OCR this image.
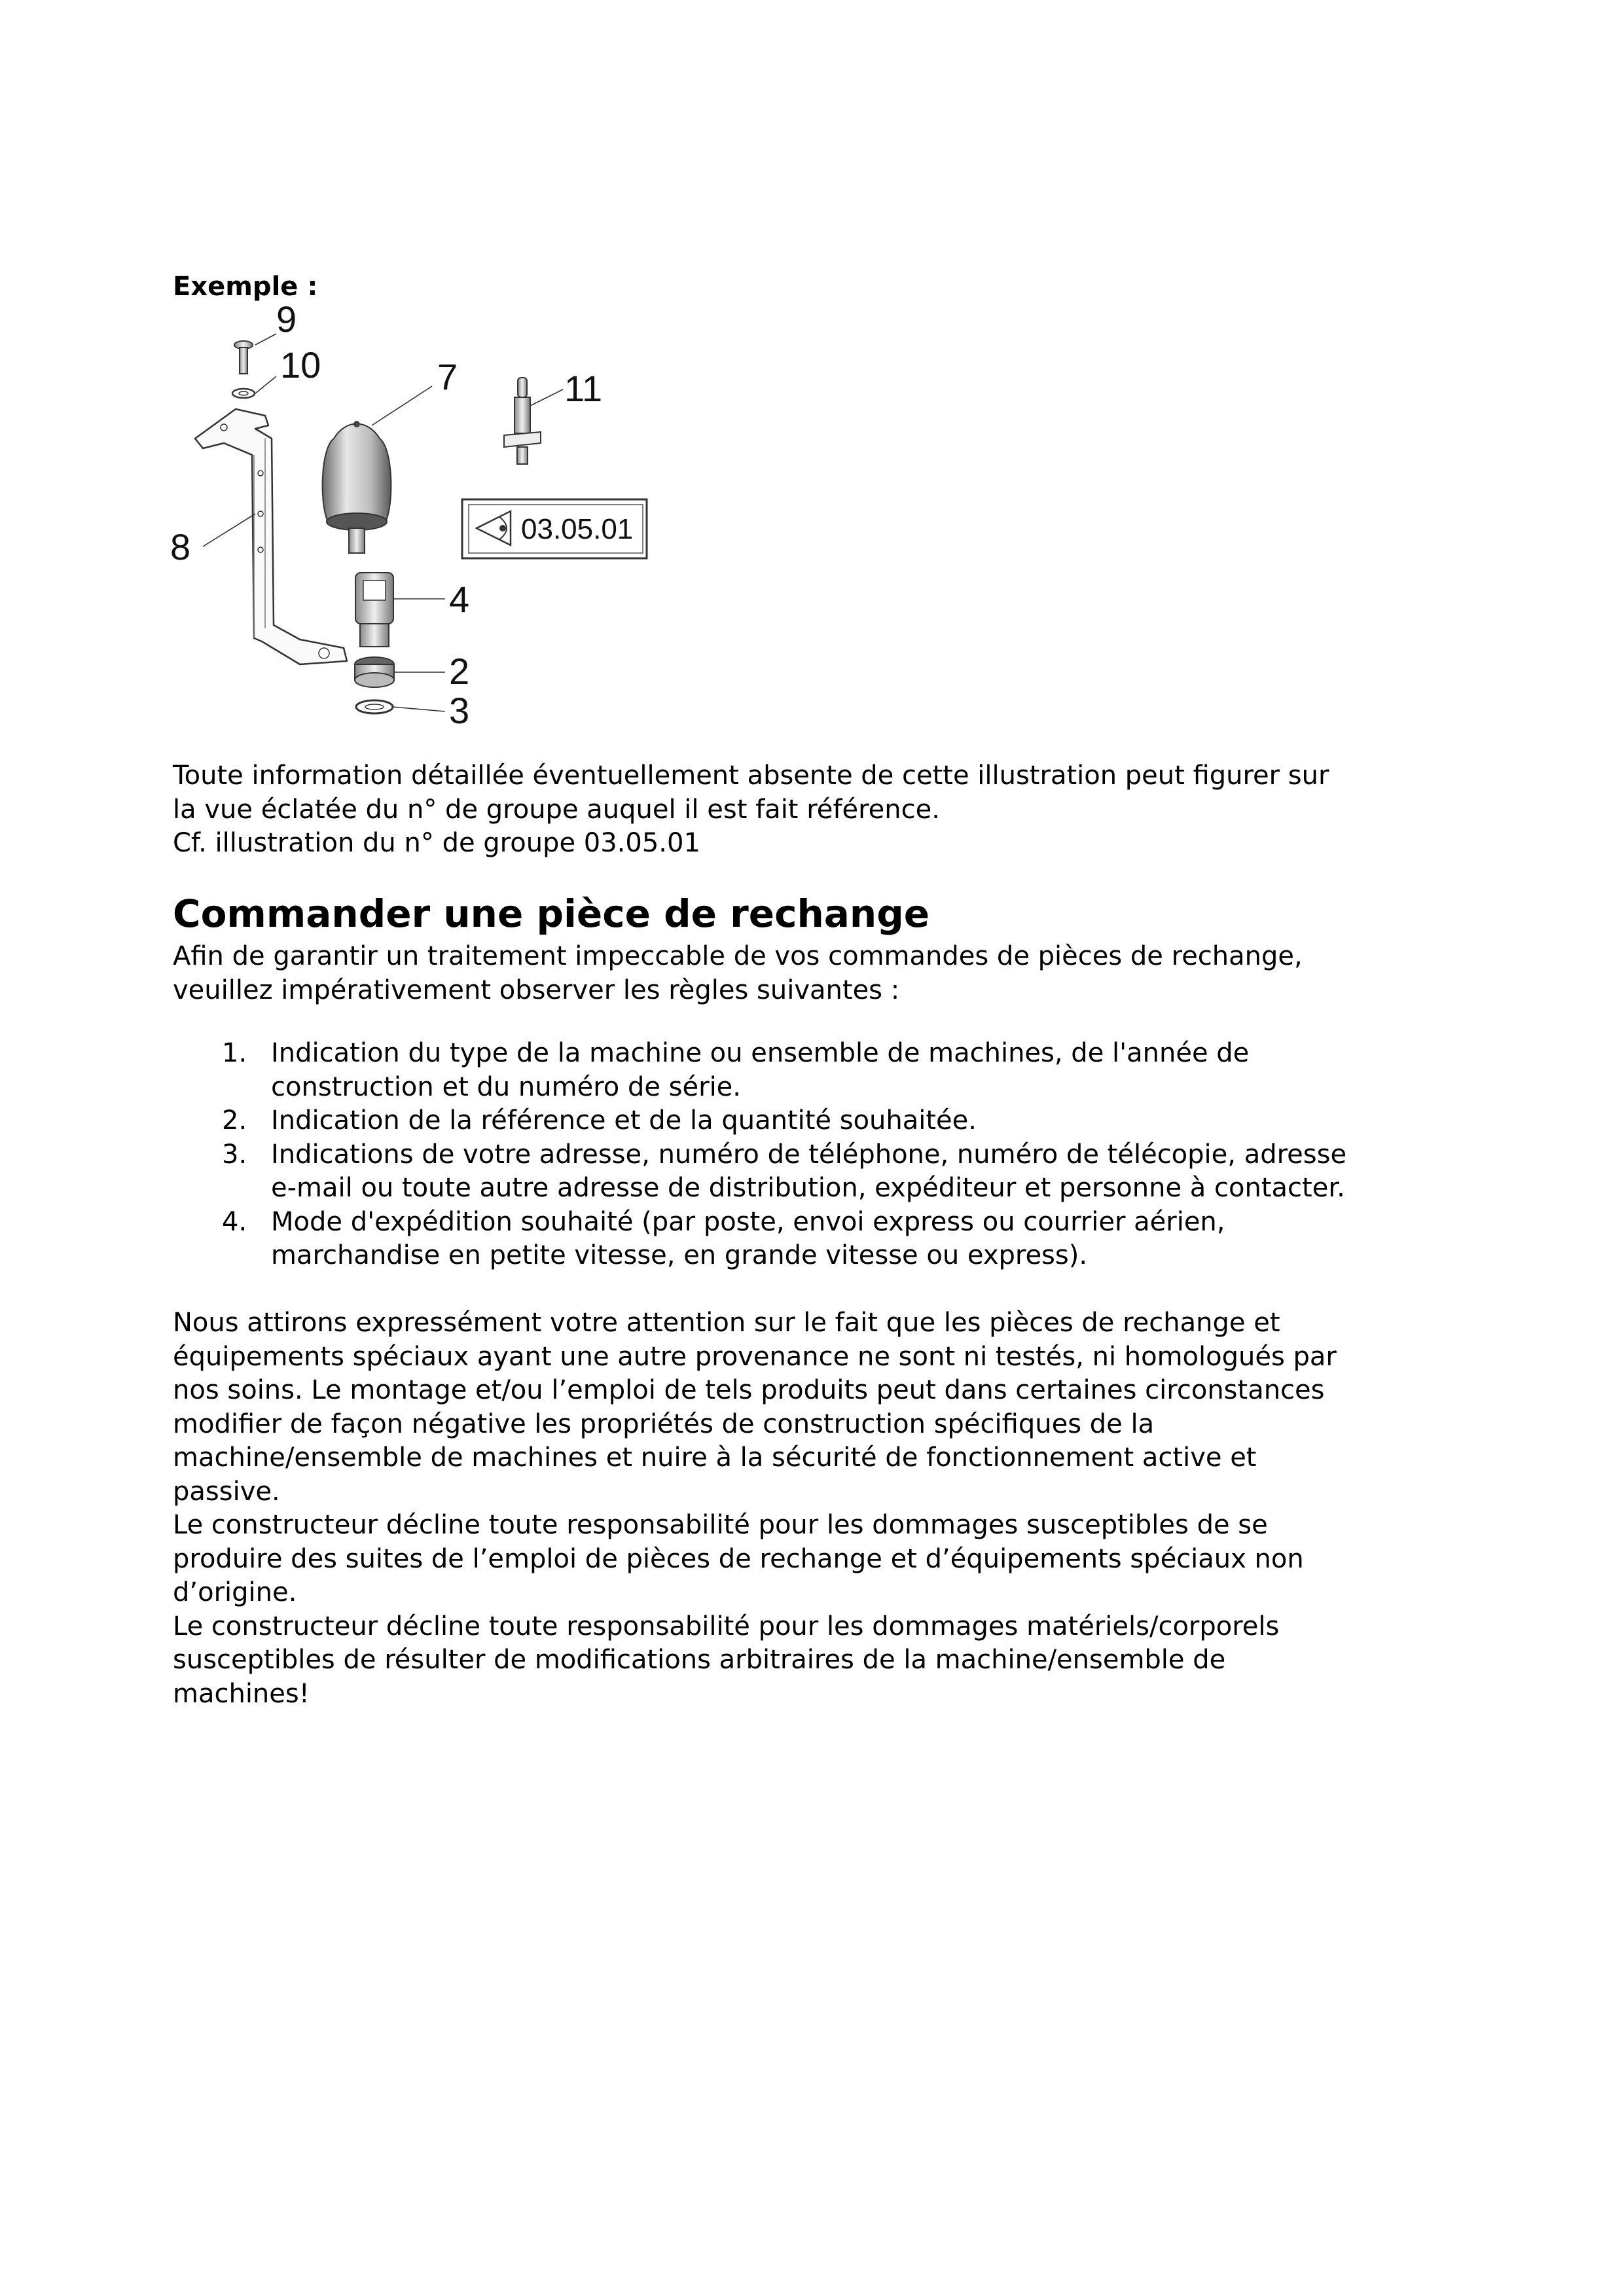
Exemple :
9
10	7	11
8
4
2
3
03.05.01

Toute information détaillée éventuellement absente de cette illustration peut figurer sur
la vue éclatée du n° de groupe auquel il est fait référence.
Cf. illustration du n° de groupe 03.05.01

Commander une pièce de rechange

Afin de garantir un traitement impeccable de vos commandes de pièces de rechange,
veuillez impérativement observer les règles suivantes :

1. Indication du type de la machine ou ensemble de machines, de l'année de
construction et du numéro de série.
2. Indication de la référence et de la quantité souhaitée.
3. Indications de votre adresse, numéro de téléphone, numéro de télécopie, adresse
e-mail ou toute autre adresse de distribution, expéditeur et personne à contacter.
4. Mode d'expédition souhaité (par poste, envoi express ou courrier aérien,
marchandise en petite vitesse, en grande vitesse ou express).

Nous attirons expressément votre attention sur le fait que les pièces de rechange et
équipements spéciaux ayant une autre provenance ne sont ni testés, ni homologués par
nos soins. Le montage et/ou l’emploi de tels produits peut dans certaines circonstances
modifier de façon négative les propriétés de construction spécifiques de la
machine/ensemble de machines et nuire à la sécurité de fonctionnement active et
passive.
Le constructeur décline toute responsabilité pour les dommages susceptibles de se
produire des suites de l’emploi de pièces de rechange et d’équipements spéciaux non
d’origine.
Le constructeur décline toute responsabilité pour les dommages matériels/corporels
susceptibles de résulter de modifications arbitraires de la machine/ensemble de
machines!
